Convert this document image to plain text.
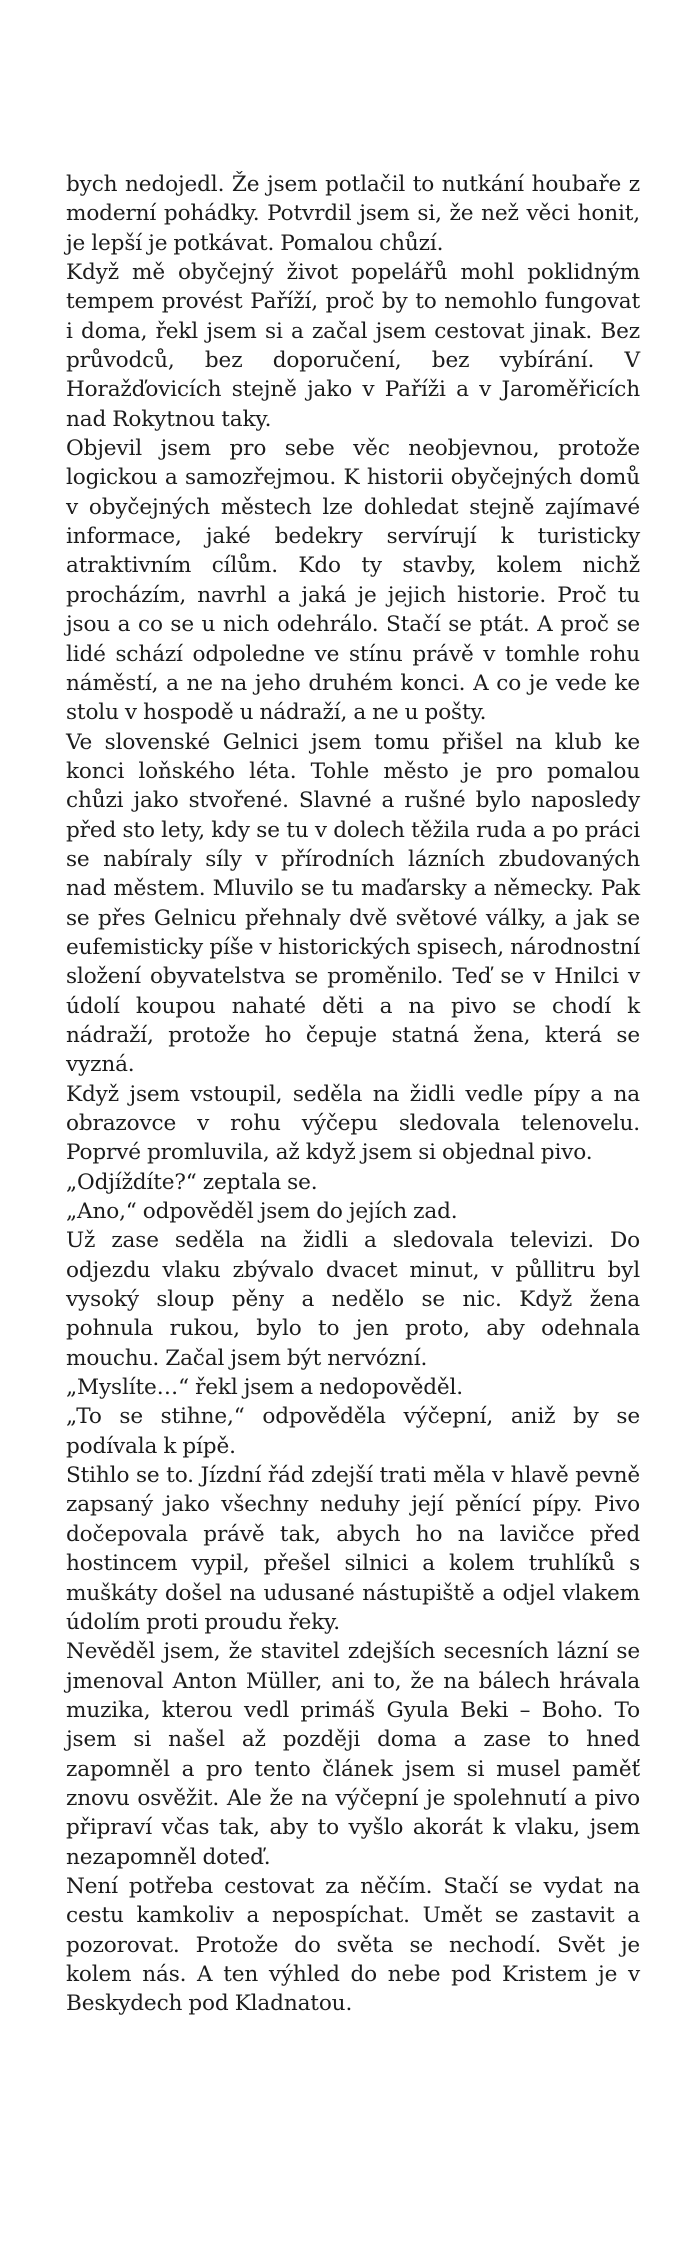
bych nedojedl. Že jsem potlačil to nutkání houbaře z moderní pohádky. Potvrdil jsem si, že než věci honit, je lepší je potkávat. Pomalou chůzí.

Když mě obyčejný život popelářů mohl poklidným tempem provést Paříží, proč by to nemohlo fungovat i doma, řekl jsem si a začal jsem cestovat jinak. Bez průvodců, bez doporučení, bez vybírání. V Horažďovicích stejně jako v Paříži a v Jaroměřicích nad Rokytnou taky.

Objevil jsem pro sebe věc neobjevnou, protože logickou a samozřejmou. K historii obyčejných domů v obyčejných městech lze dohledat stejně zajímavé informace, jaké bedekry servírují k turisticky atraktivním cílům. Kdo ty stavby, kolem nichž procházím, navrhl a jaká je jejich historie. Proč tu jsou a co se u nich odehrálo. Stačí se ptát. A proč se lidé schází odpoledne ve stínu právě v tomhle rohu náměstí, a ne na jeho druhém konci. A co je vede ke stolu v hospodě u nádraží, a ne u pošty.

Ve slovenské Gelnici jsem tomu přišel na klub ke konci loňského léta. Tohle město je pro pomalou chůzi jako stvořené. Slavné a rušné bylo naposledy před sto lety, kdy se tu v dolech těžila ruda a po práci se nabíraly síly v přírodních lázních zbudovaných nad městem. Mluvilo se tu maďarsky a německy. Pak se přes Gelnicu přehnaly dvě světové války, a jak se eufemisticky píše v historických spisech, národnostní složení obyvatelstva se proměnilo. Teď se v Hnilci v údolí koupou nahaté děti a na pivo se chodí k nádraží, protože ho čepuje statná žena, která se vyzná.

Když jsem vstoupil, seděla na židli vedle pípy a na obrazovce v rohu výčepu sledovala telenovelu. Poprvé promluvila, až když jsem si objednal pivo.

„Odjíždíte?“ zeptala se.

„Ano,“ odpověděl jsem do jejích zad.

Už zase seděla na židli a sledovala televizi. Do odjezdu vlaku zbývalo dvacet minut, v půllitru byl vysoký sloup pěny a nedělo se nic. Když žena pohnula rukou, bylo to jen proto, aby odehnala mouchu. Začal jsem být nervózní.

„Myslíte…“ řekl jsem a nedopověděl.

„To se stihne,“ odpověděla výčepní, aniž by se podívala k pípě.

Stihlo se to. Jízdní řád zdejší trati měla v hlavě pevně zapsaný jako všechny neduhy její pěnící pípy. Pivo dočepovala právě tak, abych ho na lavičce před hostincem vypil, přešel silnici a kolem truhlíků s muškáty došel na udusané nástupiště a odjel vlakem údolím proti proudu řeky.

Nevěděl jsem, že stavitel zdejších secesních lázní se jmenoval Anton Müller, ani to, že na bálech hrávala muzika, kterou vedl primáš Gyula Beki – Boho. To jsem si našel až později doma a zase to hned zapomněl a pro tento článek jsem si musel paměť znovu osvěžit. Ale že na výčepní je spolehnutí a pivo připraví včas tak, aby to vyšlo akorát k vlaku, jsem nezapomněl doteď.

Není potřeba cestovat za něčím. Stačí se vydat na cestu kamkoliv a nepospíchat. Umět se zastavit a pozorovat. Protože do světa se nechodí. Svět je kolem nás. A ten výhled do nebe pod Kristem je v Beskydech pod Kladnatou.
